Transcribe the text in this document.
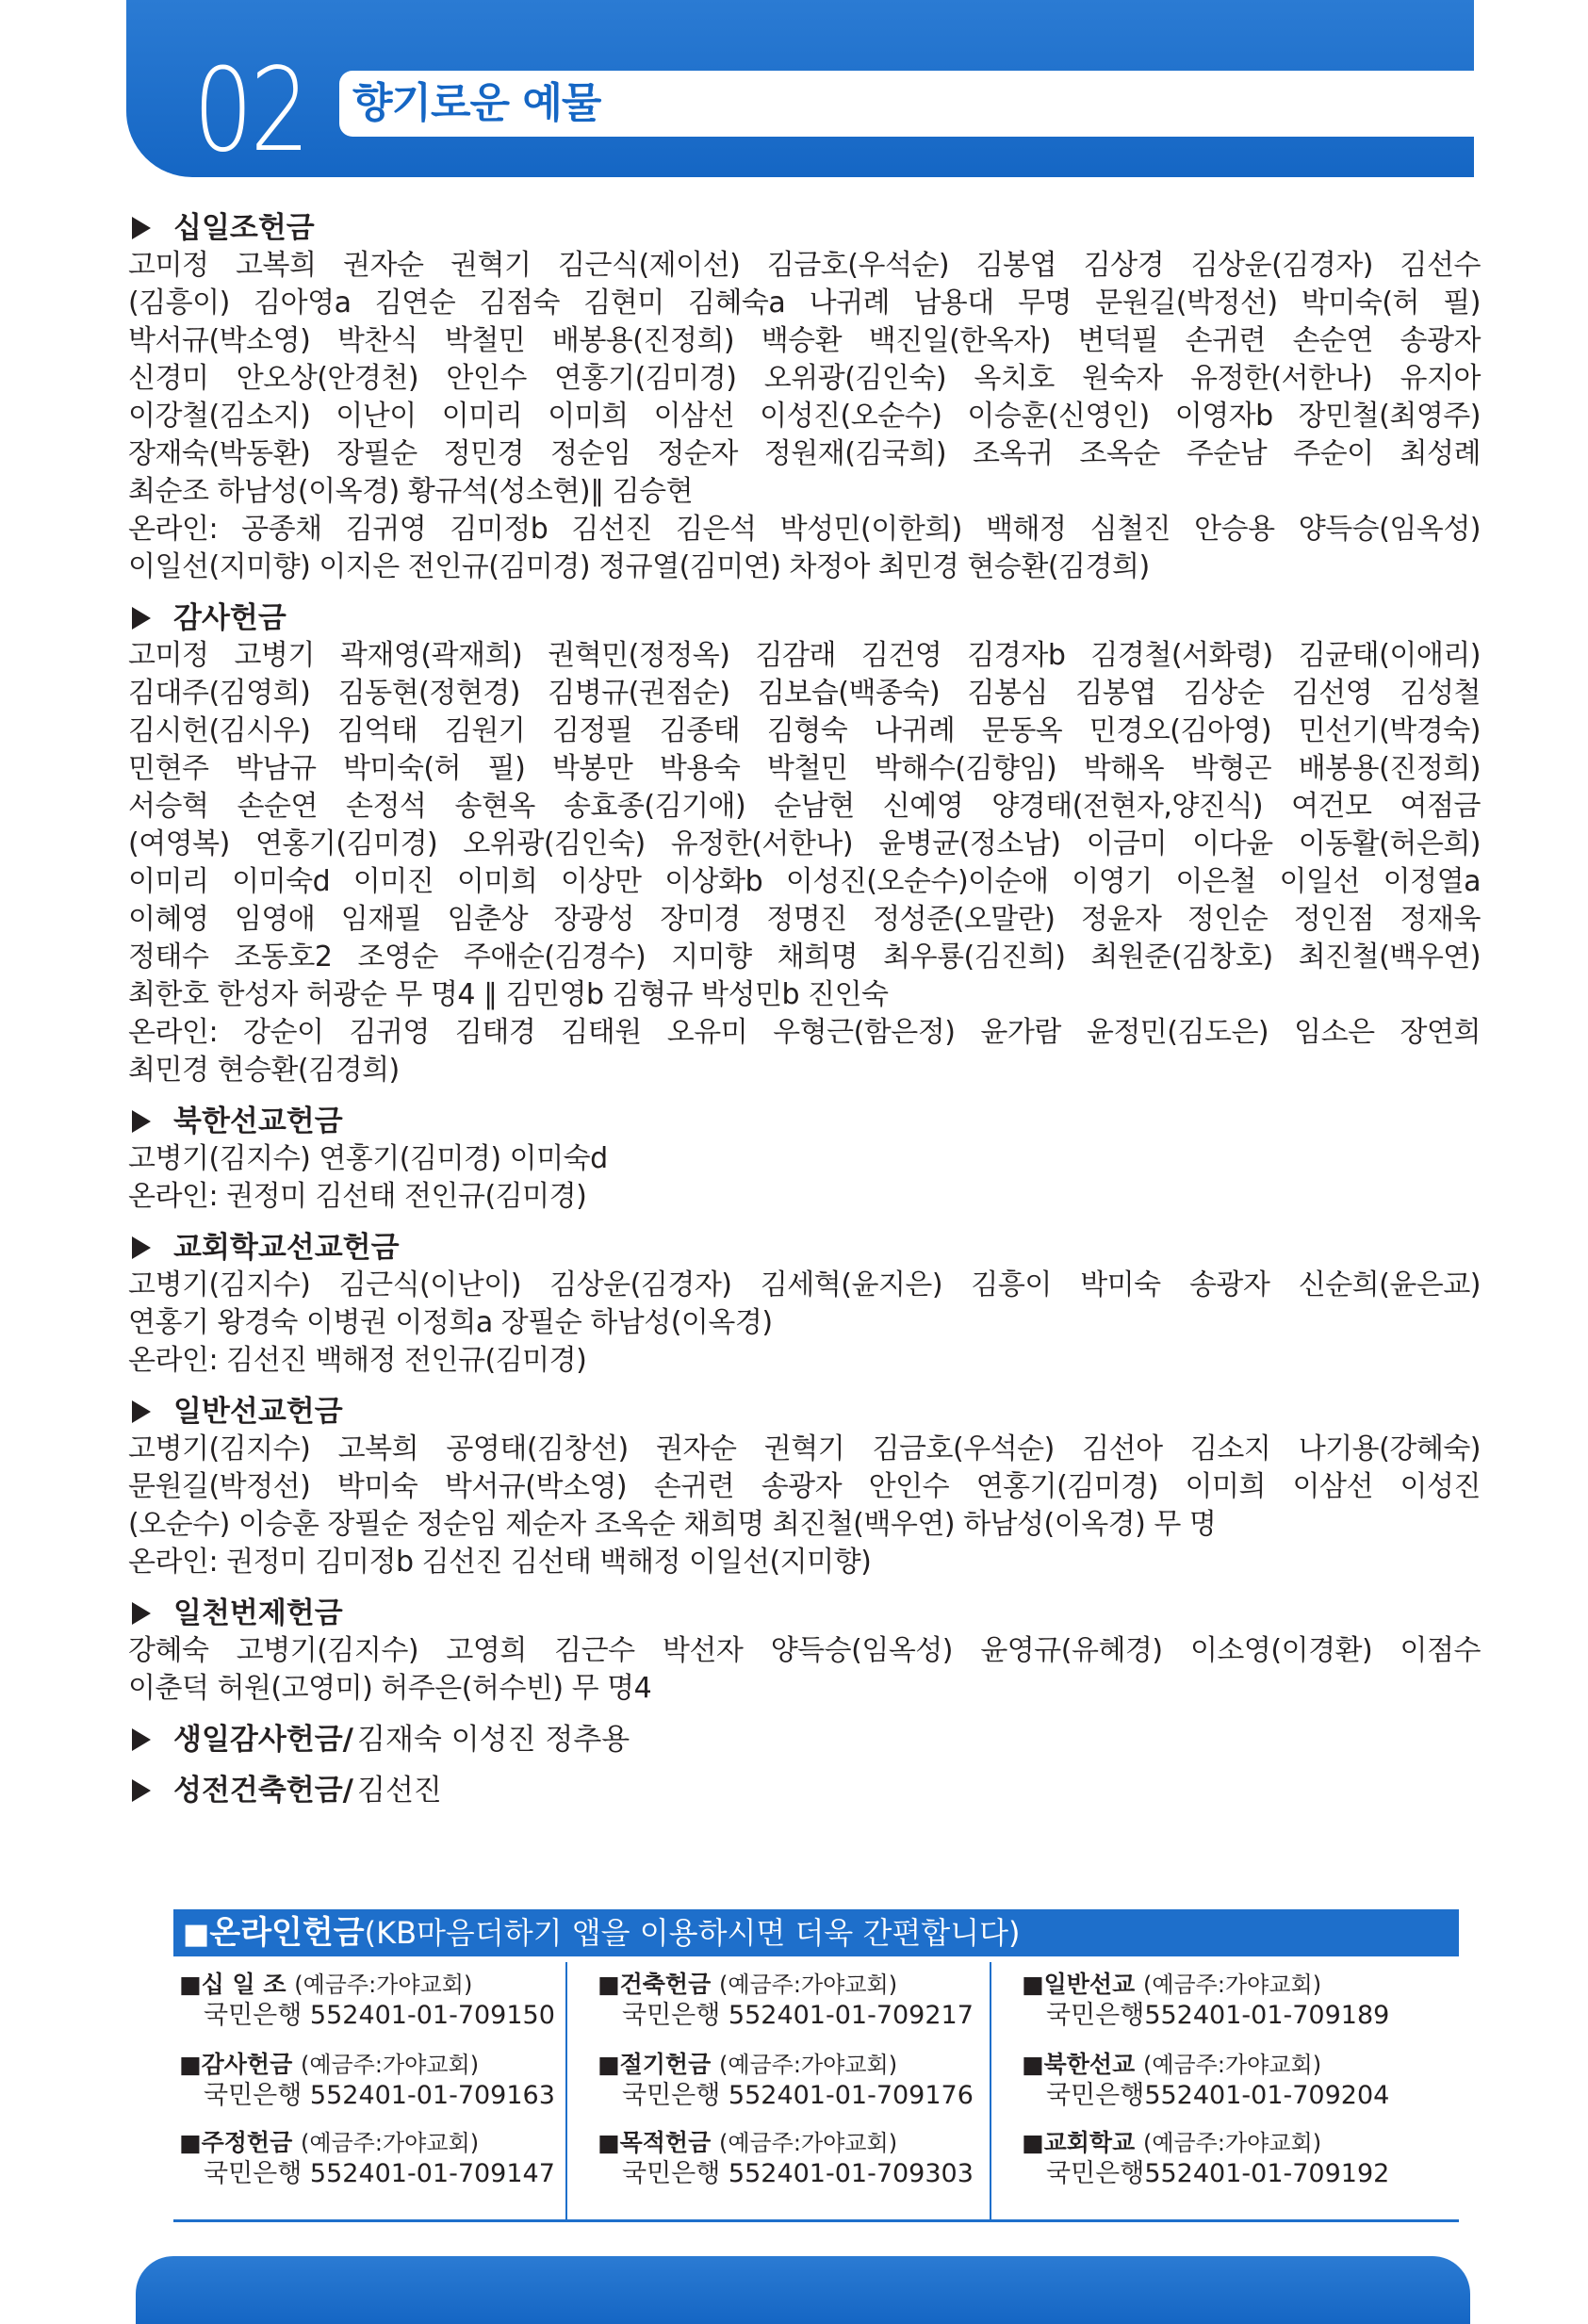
02 향기로운 예물
십일조헌금
고미정 고복희 권자순 권혁기 김근식(제이선) 김금호(우석순) 김봉엽 김상경 김상운(김경자) 김선수
(김흥이) 김아영a 김연순 김점숙 김현미 김혜숙a 나귀례 남용대 무명 문원길(박정선) 박미숙(허 필)
박서규(박소영) 박찬식 박철민 배봉용(진정희) 백승환 백진일(한옥자) 변덕필 손귀련 손순연 송광자
신경미 안오상(안경천) 안인수 연홍기(김미경) 오위광(김인숙) 옥치호 원숙자 유정한(서한나) 유지아
이강철(김소지) 이난이 이미리 이미희 이삼선 이성진(오순수) 이승훈(신영인) 이영자b 장민철(최영주)
장재숙(박동환) 장필순 정민경 정순임 정순자 정원재(김국희) 조옥귀 조옥순 주순남 주순이 최성례
최순조 하남성(이옥경) 황규석(성소현)∥ 김승현
온라인: 공종채 김귀영 김미정b 김선진 김은석 박성민(이한희) 백해정 심철진 안승용 양득승(임옥성)
이일선(지미향) 이지은 전인규(김미경) 정규열(김미연) 차정아 최민경 현승환(김경희)
감사헌금
고미정 고병기 곽재영(곽재희) 권혁민(정정옥) 김감래 김건영 김경자b 김경철(서화령) 김균태(이애리)
김대주(김영희) 김동현(정현경) 김병규(권점순) 김보습(백종숙) 김봉심 김봉엽 김상순 김선영 김성철
김시헌(김시우) 김억태 김원기 김정필 김종태 김형숙 나귀례 문동옥 민경오(김아영) 민선기(박경숙)
민현주 박남규 박미숙(허 필) 박봉만 박용숙 박철민 박해수(김향임) 박해옥 박형곤 배봉용(진정희)
서승혁 손순연 손정석 송현옥 송효종(김기애) 순남현 신예영 양경태(전현자,양진식) 여건모 여점금
(여영복) 연홍기(김미경) 오위광(김인숙) 유정한(서한나) 윤병균(정소남) 이금미 이다윤 이동활(허은희)
이미리 이미숙d 이미진 이미희 이상만 이상화b 이성진(오순수)이순애 이영기 이은철 이일선 이정열a
이혜영 임영애 임재필 임춘상 장광성 장미경 정명진 정성준(오말란) 정윤자 정인순 정인점 정재욱
정태수 조동호2 조영순 주애순(김경수) 지미향 채희명 최우룡(김진희) 최원준(김창호) 최진철(백우연)
최한호 한성자 허광순 무 명4 ∥ 김민영b 김형규 박성민b 진인숙
온라인: 강순이 김귀영 김태경 김태원 오유미 우형근(함은정) 윤가람 윤정민(김도은) 임소은 장연희
최민경 현승환(김경희)
북한선교헌금
고병기(김지수) 연홍기(김미경) 이미숙d
온라인: 권정미 김선태 전인규(김미경)
교회학교선교헌금
고병기(김지수) 김근식(이난이) 김상운(김경자) 김세혁(윤지은) 김흥이 박미숙 송광자 신순희(윤은교)
연홍기 왕경숙 이병권 이정희a 장필순 하남성(이옥경)
온라인: 김선진 백해정 전인규(김미경)
일반선교헌금
고병기(김지수) 고복희 공영태(김창선) 권자순 권혁기 김금호(우석순) 김선아 김소지 나기용(강혜숙)
문원길(박정선) 박미숙 박서규(박소영) 손귀련 송광자 안인수 연홍기(김미경) 이미희 이삼선 이성진
(오순수) 이승훈 장필순 정순임 제순자 조옥순 채희명 최진철(백우연) 하남성(이옥경) 무 명
온라인: 권정미 김미정b 김선진 김선태 백해정 이일선(지미향)
일천번제헌금
강혜숙 고병기(김지수) 고영희 김근수 박선자 양득승(임옥성) 윤영규(유혜경) 이소영(이경환) 이점수
이춘덕 허원(고영미) 허주은(허수빈) 무 명4
생일감사헌금/ 김재숙 이성진 정추용
성전건축헌금/ 김선진
■온라인헌금(KB마음더하기 앱을 이용하시면 더욱 간편합니다)
■십 일 조 (예금주:가야교회)
국민은행 552401-01-709150
■감사헌금 (예금주:가야교회)
국민은행 552401-01-709163
■주정헌금 (예금주:가야교회)
국민은행 552401-01-709147
■건축헌금 (예금주:가야교회)
국민은행 552401-01-709217
■절기헌금 (예금주:가야교회)
국민은행 552401-01-709176
■목적헌금 (예금주:가야교회)
국민은행 552401-01-709303
■일반선교 (예금주:가야교회)
국민은행552401-01-709189
■북한선교 (예금주:가야교회)
국민은행552401-01-709204
■교회학교 (예금주:가야교회)
국민은행552401-01-709192
